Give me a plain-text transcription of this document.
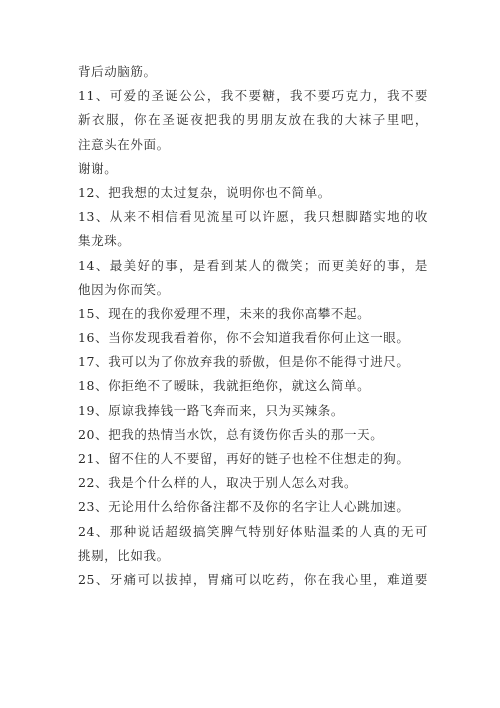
背后动脑筋。
11、可爱的圣诞公公，我不要糖，我不要巧克力，我不要
新衣服，你在圣诞夜把我的男朋友放在我的大袜子里吧，
注意头在外面。
谢谢。
12、把我想的太过复杂，说明你也不简单。
13、从来不相信看见流星可以许愿，我只想脚踏实地的收
集龙珠。
14、最美好的事，是看到某人的微笑；而更美好的事，是
他因为你而笑。
15、现在的我你爱理不理，未来的我你高攀不起。
16、当你发现我看着你，你不会知道我看你何止这一眼。
17、我可以为了你放弃我的骄傲，但是你不能得寸进尺。
18、你拒绝不了暧昧，我就拒绝你，就这么简单。
19、原谅我捧钱一路飞奔而来，只为买辣条。
20、把我的热情当水饮，总有烫伤你舌头的那一天。
21、留不住的人不要留，再好的链子也栓不住想走的狗。
22、我是个什么样的人，取决于别人怎么对我。
23、无论用什么给你备注都不及你的名字让人心跳加速。
24、那种说话超级搞笑脾气特别好体贴温柔的人真的无可
挑剔，比如我。
25、牙痛可以拔掉，胃痛可以吃药，你在我心里，难道要
